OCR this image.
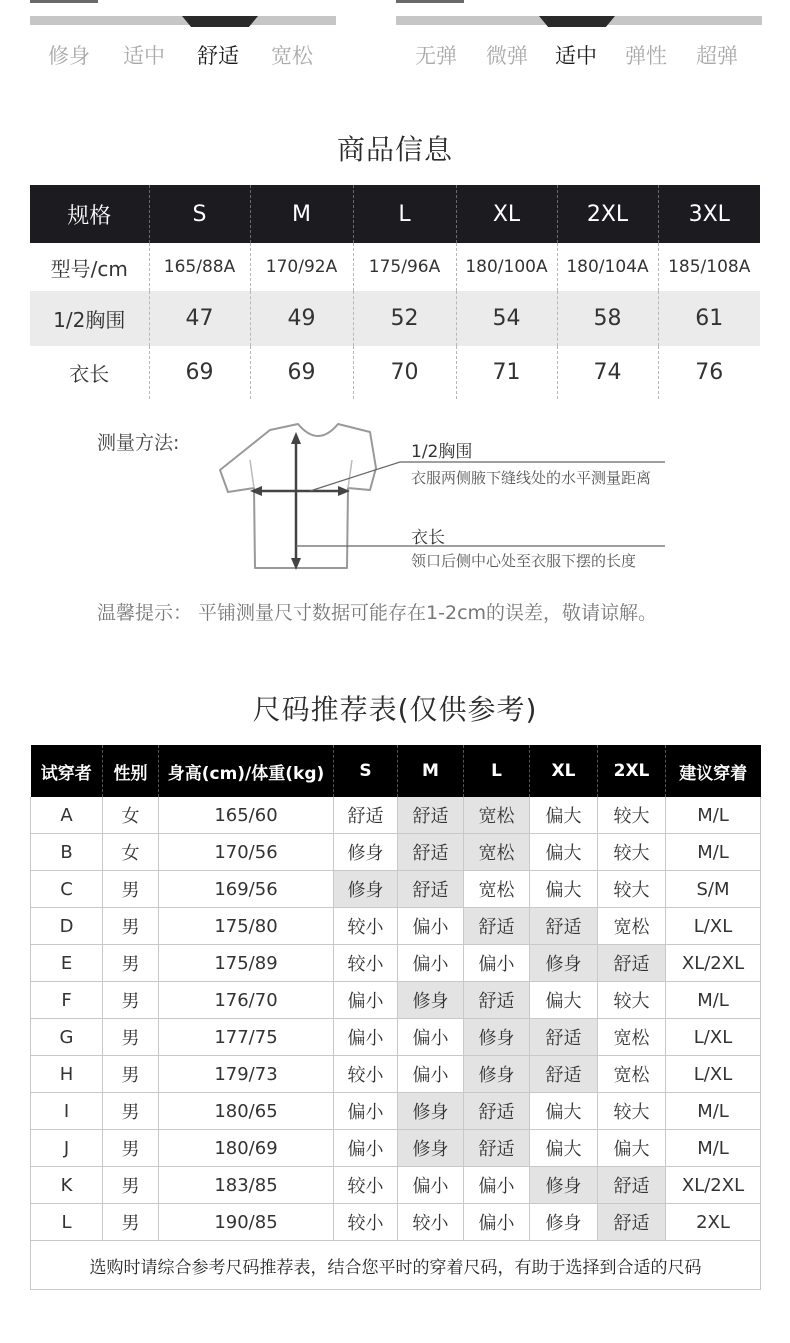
修身 适中 舒适 宽松	无弹 微弹 适中 弹性 超弹
商品信息
规格	S	M	L	XL	2XL	3XL
型号/cm	165/88A	170/92A	175/96A	180/100A	180/104A	185/108A
1/2胸围	47	49	52	54	58	61
衣长	69	69	70	71	74	76
测量方法:	1/2胸围
衣服两侧腋下缝线处的水平测量距离
衣长
领口后侧中心处至衣服下摆的长度
温馨提示： 平铺测量尺寸数据可能存在1-2cm的误差，敬请谅解。
尺码推荐表(仅供参考)
试穿者	性别	身高(cm)/体重(kg)	S	M	L	XL	2XL	建议穿着
A	女	165/60	舒适	舒适	宽松	偏大	较大	M/L
B	女	170/56	修身	舒适	宽松	偏大	较大	M/L
C	男	169/56	修身	舒适	宽松	偏大	较大	S/M
D	男	175/80	较小	偏小	舒适	舒适	宽松	L/XL
E	男	175/89	较小	偏小	偏小	修身	舒适	XL/2XL
F	男	176/70	偏小	修身	舒适	偏大	较大	M/L
G	男	177/75	偏小	偏小	修身	舒适	宽松	L/XL
H	男	179/73	较小	偏小	修身	舒适	宽松	L/XL
I	男	180/65	偏小	修身	舒适	偏大	较大	M/L
J	男	180/69	偏小	修身	舒适	偏大	偏大	M/L
K	男	183/85	较小	偏小	偏小	修身	舒适	XL/2XL
L	男	190/85	较小	较小	偏小	修身	舒适	2XL
选购时请综合参考尺码推荐表，结合您平时的穿着尺码，有助于选择到合适的尺码								
